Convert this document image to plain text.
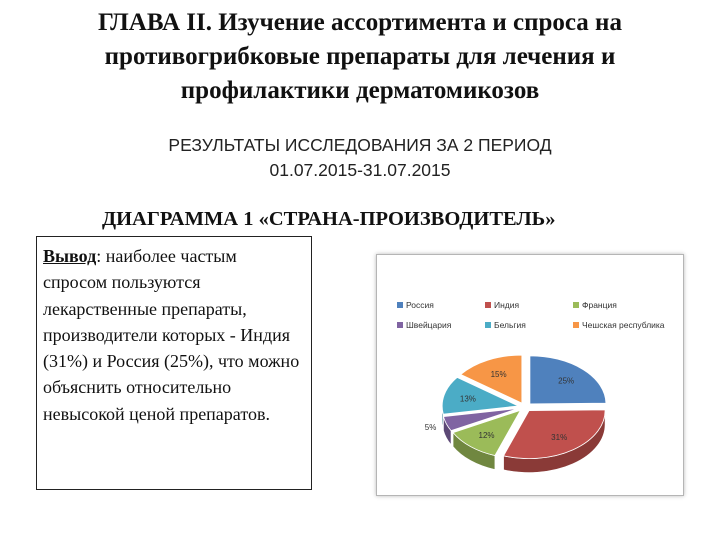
ГЛАВА II. Изучение ассортимента и спроса на
противогрибковые препараты для лечения и
профилактики дерматомикозов
РЕЗУЛЬТАТЫ ИССЛЕДОВАНИЯ ЗА 2 ПЕРИОД
01.07.2015-31.07.2015
ДИАГРАММА 1 «СТРАНА-ПРОИЗВОДИТЕЛЬ»
Вывод: наиболее частым спросом пользуются лекарственные препараты, производители которых - Индия (31%) и Россия (25%), что можно объяснить относительно невысокой ценой препаратов.
Россия	Индия	Франция
Швейцария	Бельгия	Чешская республика
25%
31%
12%
5%
13%
15%
